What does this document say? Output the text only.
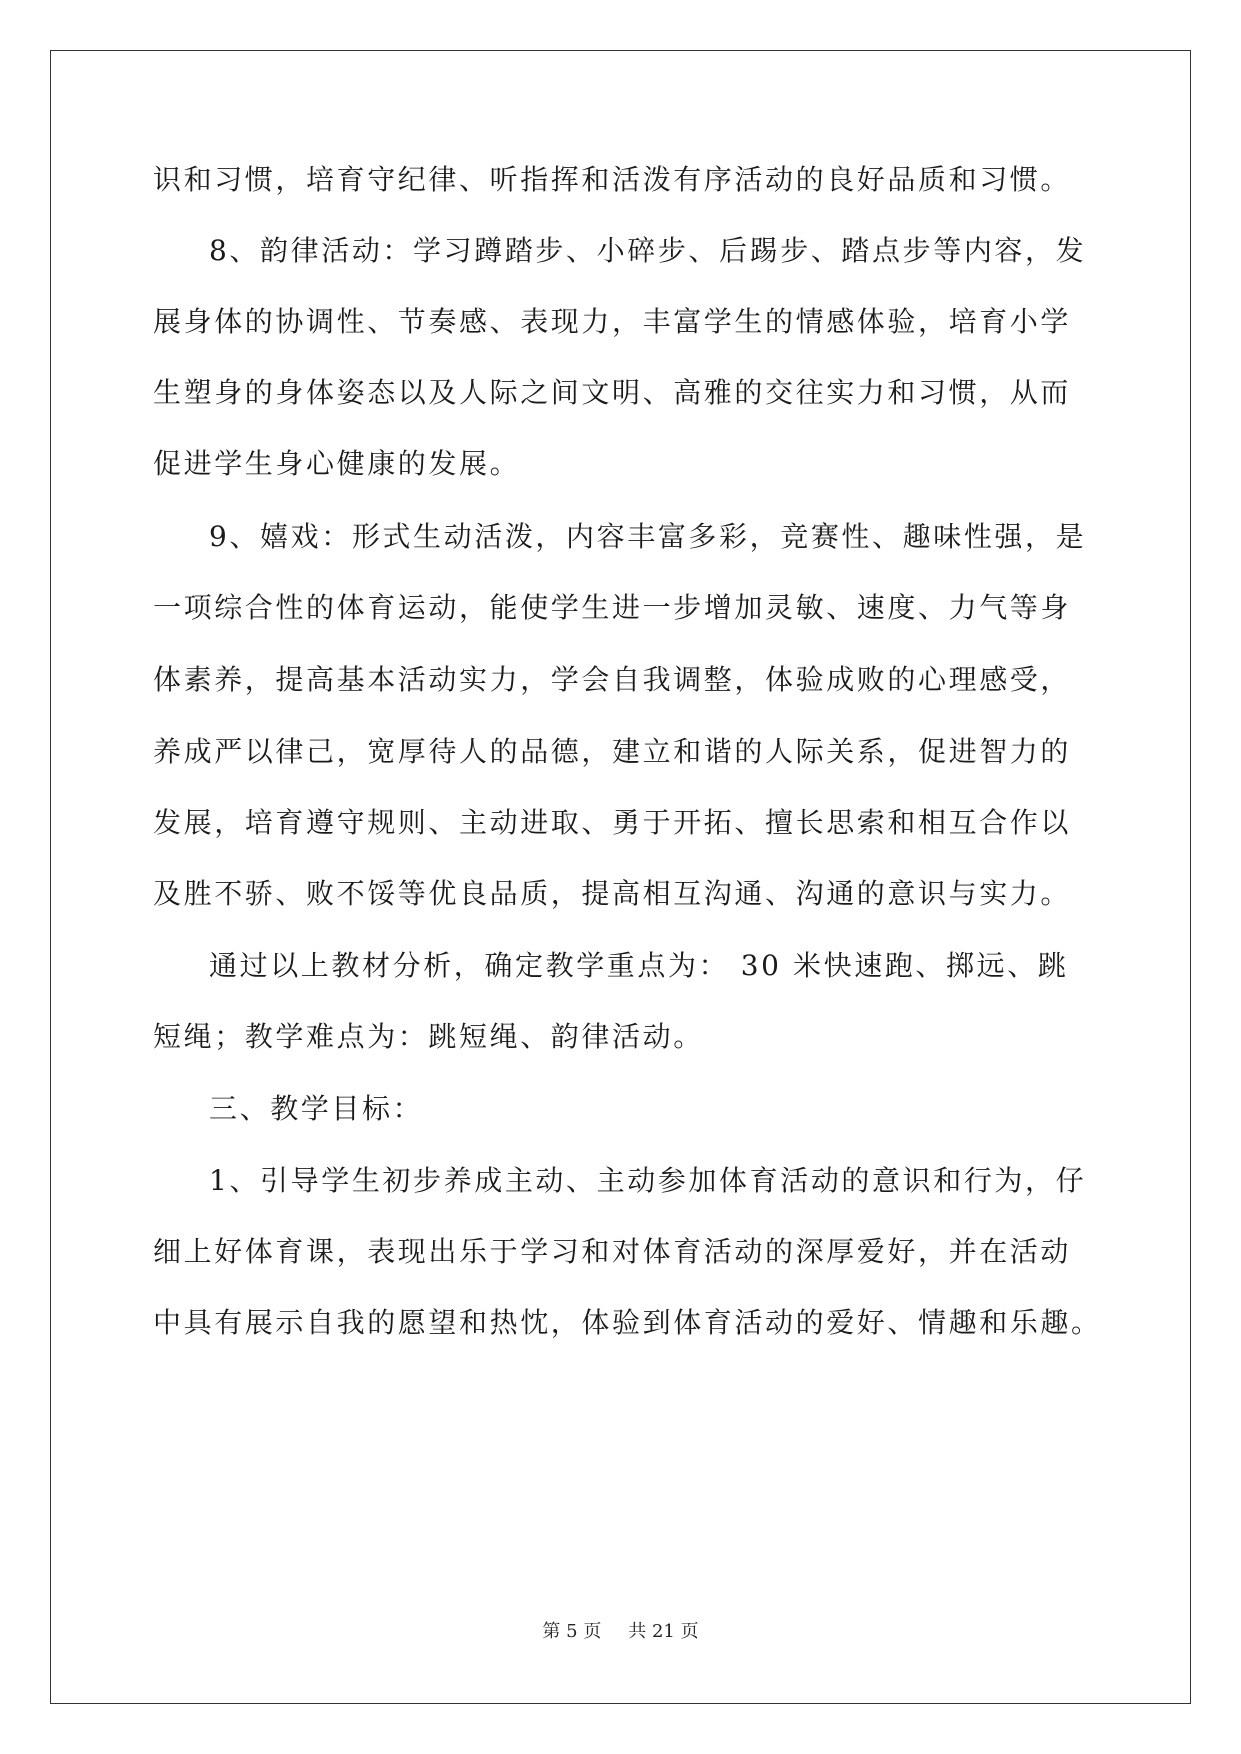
识和习惯，培育守纪律、听指挥和活泼有序活动的良好品质和习惯。
8、韵律活动：学习蹲踏步、小碎步、后踢步、踏点步等内容，发
展身体的协调性、节奏感、表现力，丰富学生的情感体验，培育小学
生塑身的身体姿态以及人际之间文明、高雅的交往实力和习惯，从而
促进学生身心健康的发展。
9、嬉戏：形式生动活泼，内容丰富多彩，竞赛性、趣味性强，是
一项综合性的体育运动，能使学生进一步增加灵敏、速度、力气等身
体素养，提高基本活动实力，学会自我调整，体验成败的心理感受，
养成严以律己，宽厚待人的品德，建立和谐的人际关系，促进智力的
发展，培育遵守规则、主动进取、勇于开拓、擅长思索和相互合作以
及胜不骄、败不馁等优良品质，提高相互沟通、沟通的意识与实力。
通过以上教材分析，确定教学重点为： 30 米快速跑、掷远、跳
短绳；教学难点为：跳短绳、韵律活动。
三、教学目标：
1、引导学生初步养成主动、主动参加体育活动的意识和行为，仔
细上好体育课，表现出乐于学习和对体育活动的深厚爱好，并在活动
中具有展示自我的愿望和热忱，体验到体育活动的爱好、情趣和乐趣。
第 5 页 共 21 页
